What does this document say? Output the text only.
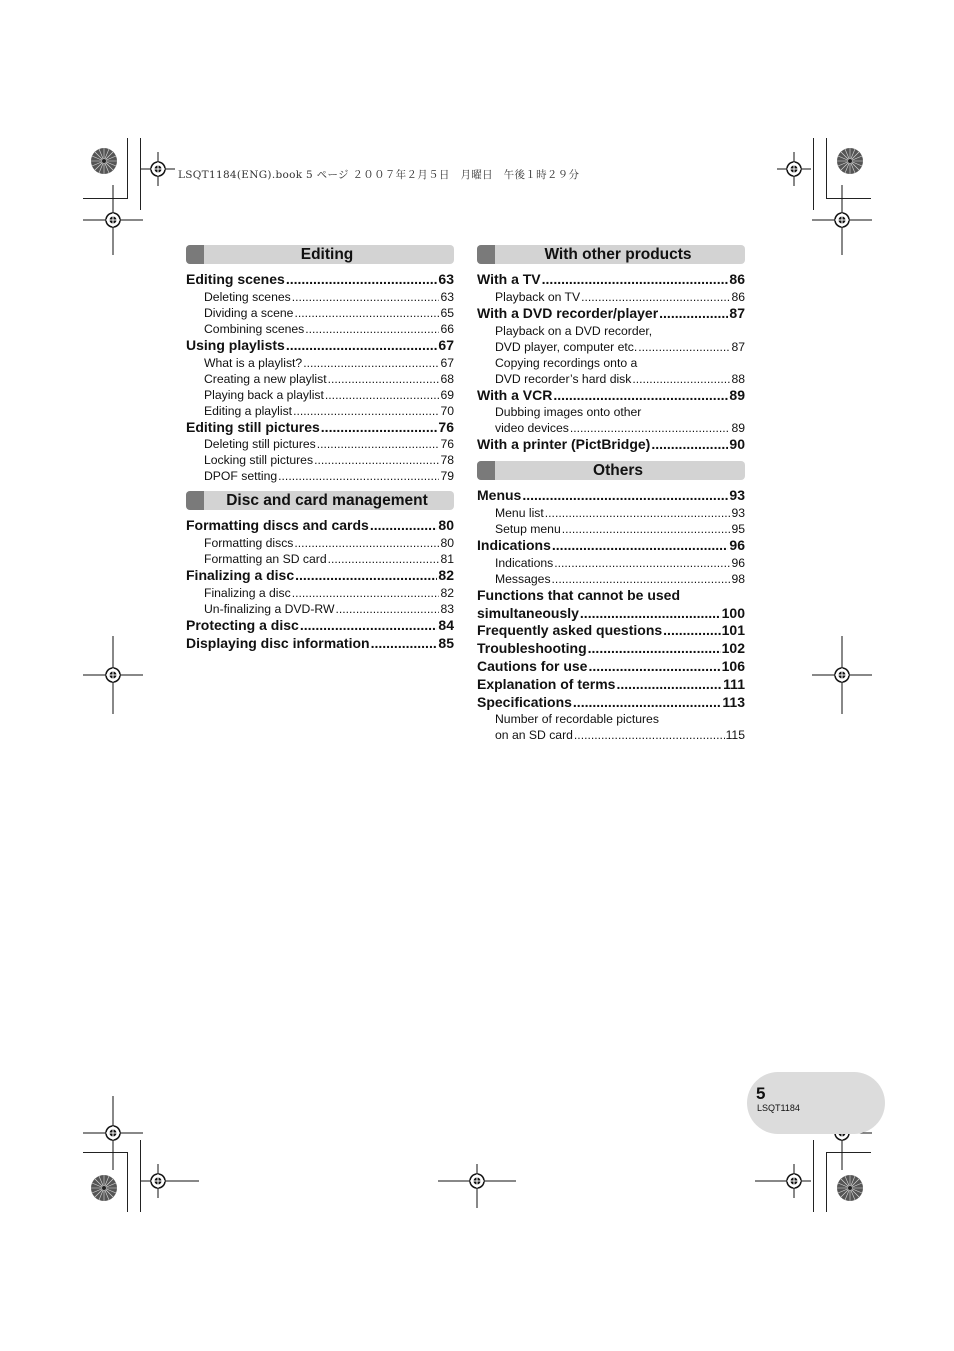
LSQT1184(ENG).book 5 ページ ２００７年２月５日　月曜日　午後１時２９分
Editing
Editing scenes .....	63
Deleting scenes .....	63
Dividing a scene .....	65
Combining scenes .....	66
Using playlists .....	67
What is a playlist? .....	67
Creating a new playlist .....	68
Playing back a playlist .....	69
Editing a playlist .....	70
Editing still pictures .....	76
Deleting still pictures .....	76
Locking still pictures .....	78
DPOF setting .....	79
Disc and card management
Formatting discs and cards .....	80
Formatting discs .....	80
Formatting an SD card .....	81
Finalizing a disc .....	82
Finalizing a disc .....	82
Un-finalizing a DVD-RW .....	83
Protecting a disc .....	84
Displaying disc information .....	85
With other products
With a TV .....	86
Playback on TV .....	86
With a DVD recorder/player .....	87
Playback on a DVD recorder,
DVD player, computer etc. .....	87
Copying recordings onto a
DVD recorder’s hard disk .....	88
With a VCR .....	89
Dubbing images onto other
video devices .....	89
With a printer (PictBridge) .....	90
Others
Menus .....	93
Menu list .....	93
Setup menu .....	95
Indications .....	96
Indications .....	96
Messages .....	98
Functions that cannot be used
simultaneously .....	100
Frequently asked questions .....	101
Troubleshooting .....	102
Cautions for use .....	106
Explanation of terms .....	111
Specifications .....	113
Number of recordable pictures
on an SD card .....	115
5
LSQT1184
